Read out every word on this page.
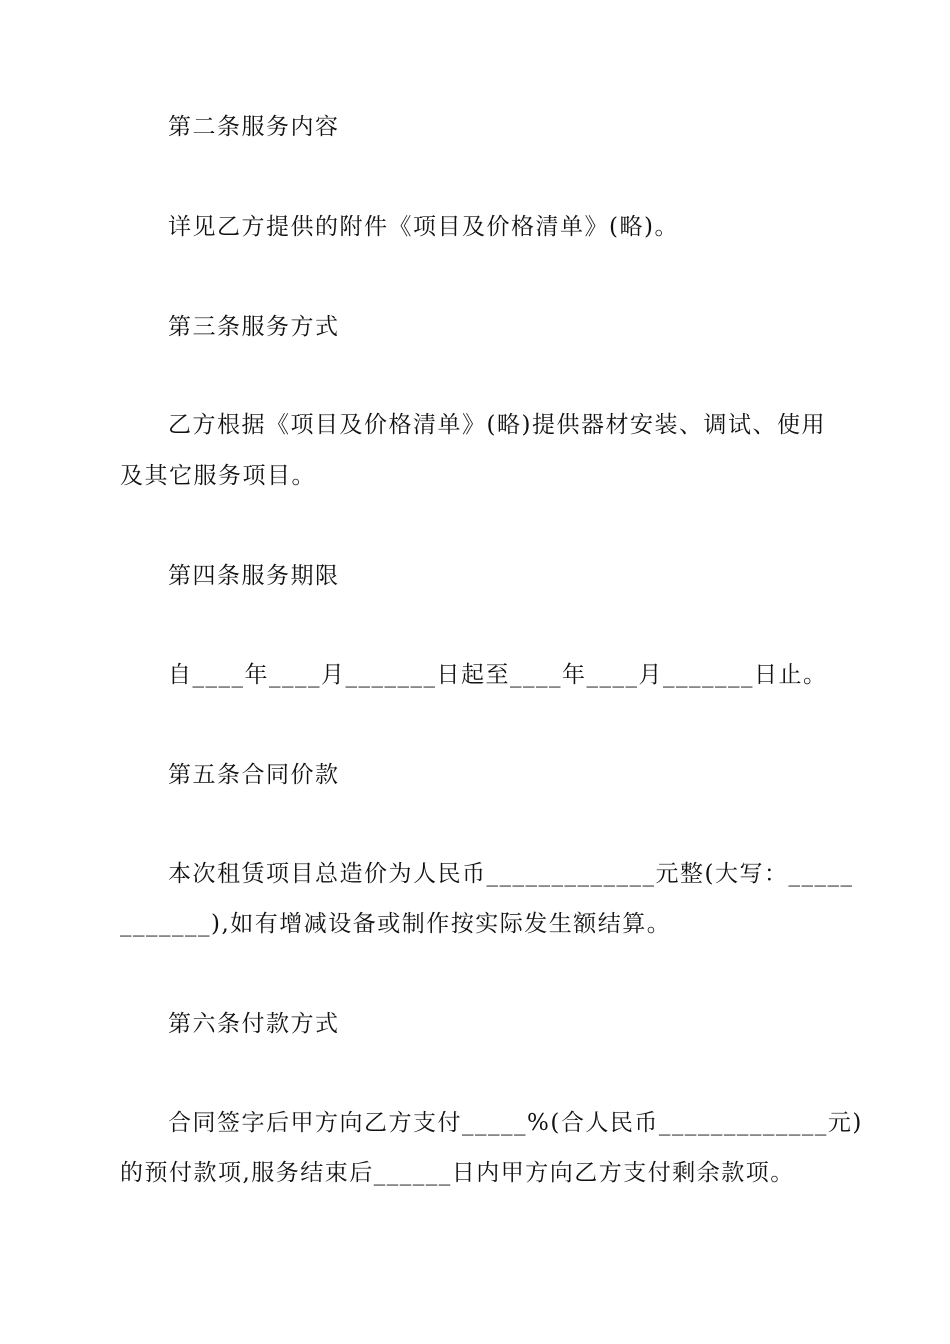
第二条服务内容
详见乙方提供的附件《项目及价格清单》(略)。
第三条服务方式
乙方根据《项目及价格清单》(略)提供器材安装、调试、使用
及其它服务项目。
第四条服务期限
自____年____月_______日起至____年____月_______日止。
第五条合同价款
本次租赁项目总造价为人民币_____________元整(大写：_____
_______),如有增减设备或制作按实际发生额结算。
第六条付款方式
合同签字后甲方向乙方支付_____%(合人民币_____________元)
的预付款项,服务结束后______日内甲方向乙方支付剩余款项。
